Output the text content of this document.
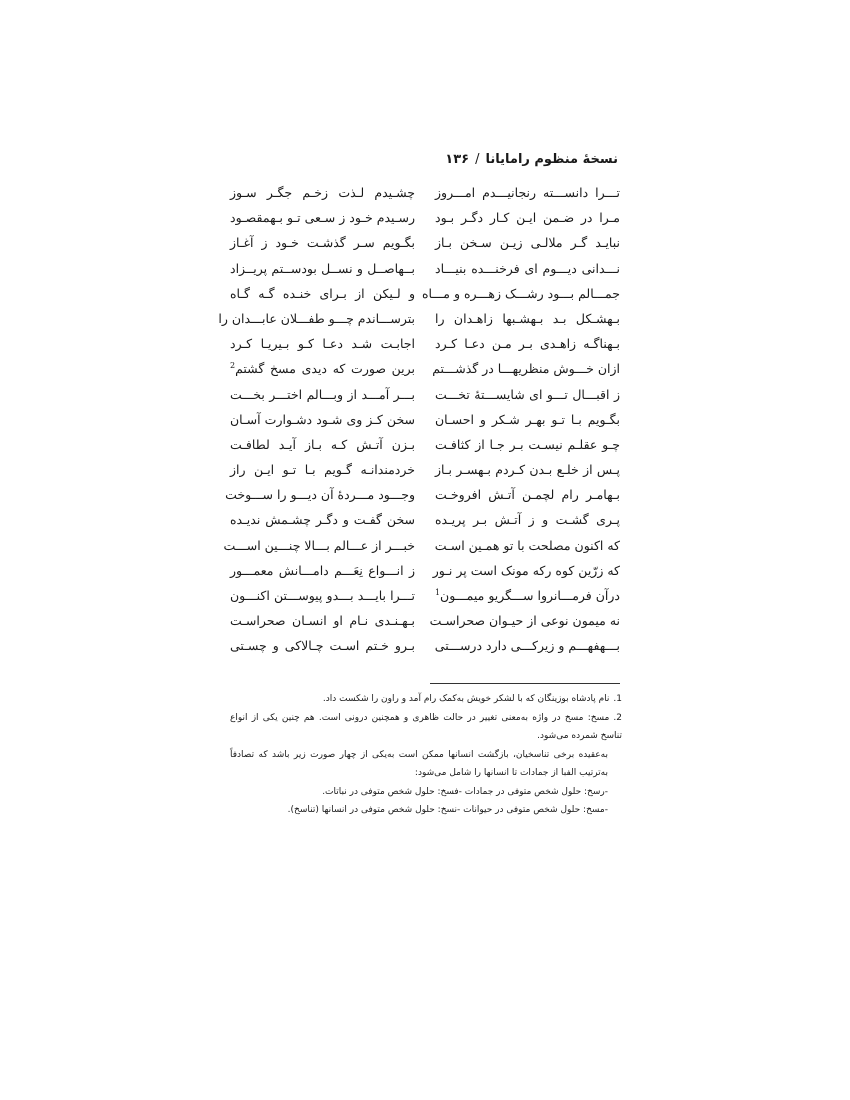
نسخهٔ منظوم رامایانا/۱۳۶
تـــرا دانســـته رنجانیـــدم امـــروز
مـرا در ضـمن ایـن کـار دگـر بـود
نبایـد گـر ملالـی زیـن سـخن بـاز
نـــدانی دیـــوم ای فرخنـــده بنیـــاد
جمـــالم بـــود رشـــک زهـــره و مـــاه
بـهشـکل بـد بـهشـبها زاهـدان را
بـهناگـه زاهـدی بـر مـن دعـا کـرد
ازان خـــوش منظریهـــا در گذشـــتم
ز اقبـــال تـــو ای شایســـتهٔ تخـــت
بگـویم بـا تـو بهـر شـکر و احسـان
چـو عقلـم نیسـت بـر جـا از کثافـت
پـس از خلـع بـدن کـردم بـهسـر بـاز
بـهامـر رام لچمـن آتـش افروخـت
پـری گشـت و ز آتـش بـر پریـده
که اکنون مصلحت با تو همـین اسـت
که زرّین کوه رکه مونک است پر نـور
درآن فرمـــانروا ســـگریو میمـــون$^1$
نه میمون نوعی از حیـوان صحراسـت
بـــهفهـــم و زیرکـــی دارد درســـتی
چشـیدم لـذت زخـم جگـر سـوز
رسـیدم خـود ز سـعی تـو بـهمقصـود
بگـویم سـر گذشـت خـود ز آغـاز
بــهاصــل و نســل بودســتم پریــزاد
و لـیکن از بـرای خنـده گـه گـاه
بترســـاندم چـــو طفـــلان عابـــدان را
اجابـت شـد دعـا کـو بـیریـا کـرد
برین صورت که دیدی مسخ گشتم$^2$
بـــر آمـــد از وبـــالم اختـــر بخـــت
سخن کـز وی شـود دشـوارت آسـان
بـزن آتـش کـه بـاز آیـد لطافـت
خردمندانـه گـویم بـا تـو ایـن راز
وجـــود مـــردهٔ آن دیـــو را ســـوخت
سخن گفـت و دگـر چشـمش ندیـده
خبـــر از عـــالم بـــالا چنـــین اســـت
ز انـــواع نِعَـــم دامـــانش معمـــور
تـــرا بایـــد بـــدو پیوســـتن اکنـــون
بـهـنـدی نـام او انسـان صحراسـت
بـرو خـتم اسـت چـالاکی و چسـتی
1.نام پادشاه بوزینگان که با لشکر خویش به‌کمک رام آمد و راون را شکست داد.
2.مسخ: مسخ در واژه به‌معنی تغییر در حالت ظاهری و همچنین درونی است. هم چنین یکی از انواع تناسخ شمرده می‌شود.
به‌عقیده برخی تناسخیان، بازگشت انسانها ممکن است به‌یکی از چهار صورت زیر باشد که تصادفاً به‌ترتیب الفبا از جمادات تا انسانها را شامل می‌شود:
-رسخ: حلول شخص متوفی در جمادات -فسخ: حلول شخص متوفی در نباتات.
-مسخ: حلول شخص متوفی در حیوانات -نسخ: حلول شخص متوفی در انسانها (تناسخ).
